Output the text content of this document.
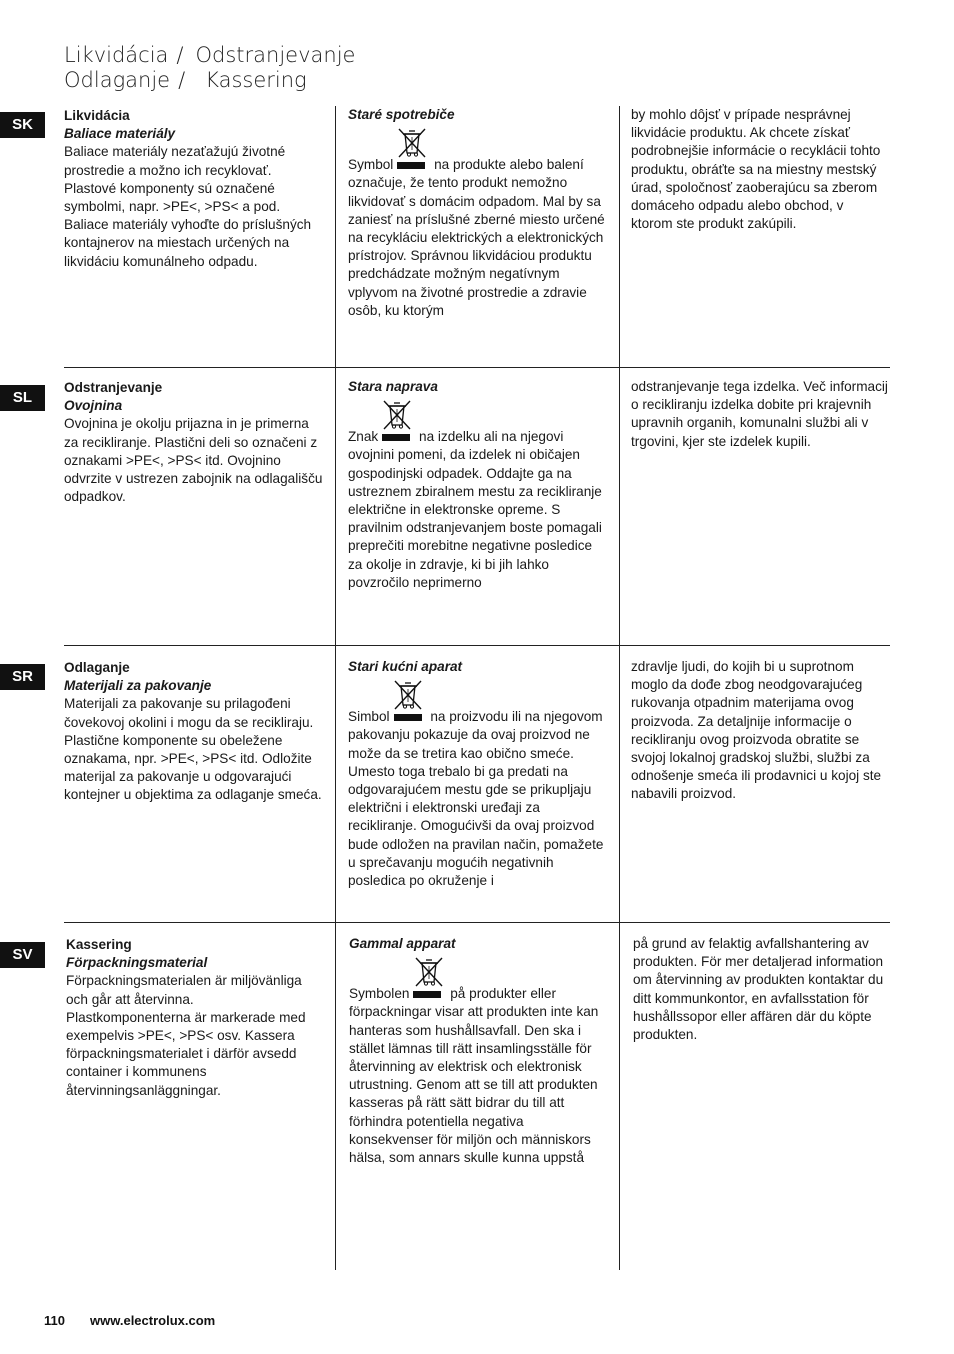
Likvidácia / Odstranjevanje
Odlaganje / Kassering
SK

Likvidácia

Baliace materiály

Baliace materiály nezaťažujú životné prostredie a možno ich recyklovať. Plastové komponenty sú označené symbolmi, napr. >PE<, >PS< a pod. Baliace materiály vyhoďte do príslušných kontajnerov na miestach určených na likvidáciu komunálneho odpadu.

Staré spotrebiče

Symbol	na produkte alebo balení označuje, že tento produkt nemožno likvidovať s domácim odpadom. Mal by sa zaniesť na príslušné zberné miesto určené na recykláciu elektrických a elektronických prístrojov. Správnou likvidáciou produktu predchádzate možným negatívnym vplyvom na životné prostredie a zdravie osôb, ku ktorým

by mohlo dôjsť v prípade nesprávnej likvidácie produktu. Ak chcete získať podrobnejšie informácie o recyklácii tohto produktu, obráťte sa na miestny mestský úrad, spoločnosť zaoberajúcu sa zberom domáceho odpadu alebo obchod, v ktorom ste produkt zakúpili.

SL

Odstranjevanje

Ovojnina

Ovojnina je okolju prijazna in je primerna za recikliranje. Plastični deli so označeni z oznakami >PE<, >PS< itd. Ovojnino odvrzite v ustrezen zabojnik na odlagališču odpadkov.

Stara naprava

Znak	na izdelku ali na njegovi ovojnini pomeni, da izdelek ni običajen gospodinjski odpadek. Oddajte ga na ustreznem zbiralnem mestu za recikliranje električne in elektronske opreme. S pravilnim odstranjevanjem boste pomagali preprečiti morebitne negativne posledice za okolje in zdravje, ki bi jih lahko povzročilo neprimerno

odstranjevanje tega izdelka. Več informacij o recikliranju izdelka dobite pri krajevnih upravnih organih, komunalni službi ali v trgovini, kjer ste izdelek kupili.

SR

Odlaganje

Materijali za pakovanje

Materijali za pakovanje su prilagođeni čovekovoj okolini i mogu da se recikliraju. Plastične komponente su obeležene oznakama, npr. >PE<, >PS< itd. Odložite materijal za pakovanje u odgovarajući kontejner u objektima za odlaganje smeća.

Stari kućni aparat

Simbol	na proizvodu ili na njegovom pakovanju pokazuje da ovaj proizvod ne može da se tretira kao obično smeće. Umesto toga trebalo bi ga predati na odgovarajućem mestu gde se prikupljaju električni i elektronski uređaji za recikliranje. Omogućivši da ovaj proizvod bude odložen na pravilan način, pomažete u sprečavanju mogućih negativnih posledica po okruženje i

zdravlje ljudi, do kojih bi u suprotnom moglo da dođe zbog neodgovarajućeg rukovanja otpadnim materijama ovog proizvoda. Za detaljnije informacije o recikliranju ovog proizvoda obratite se svojoj lokalnoj gradskoj službi, službi za odnošenje smeća ili prodavnici u kojoj ste nabavili proizvod.

SV

Kassering

Förpackningsmaterial

Förpackningsmaterialen är miljövänliga och går att återvinna. Plastkomponenterna är markerade med exempelvis >PE<, >PS< osv. Kassera förpackningsmaterialet i därför avsedd container i kommunens återvinningsanläggningar.

Gammal apparat

Symbolen	på produkter eller förpackningar visar att produkten inte kan hanteras som hushållsavfall. Den ska i stället lämnas till rätt insamlingsställe för återvinning av elektrisk och elektronisk utrustning. Genom att se till att produkten kasseras på rätt sätt bidrar du till att förhindra potentiella negativa konsekvenser för miljön och människors hälsa, som annars skulle kunna uppstå

på grund av felaktig avfallshantering av produkten. För mer detaljerad information om återvinning av produkten kontaktar du ditt kommunkontor, en avfallsstation för hushållssopor eller affären där du köpte produkten.

110 www.electrolux.com
